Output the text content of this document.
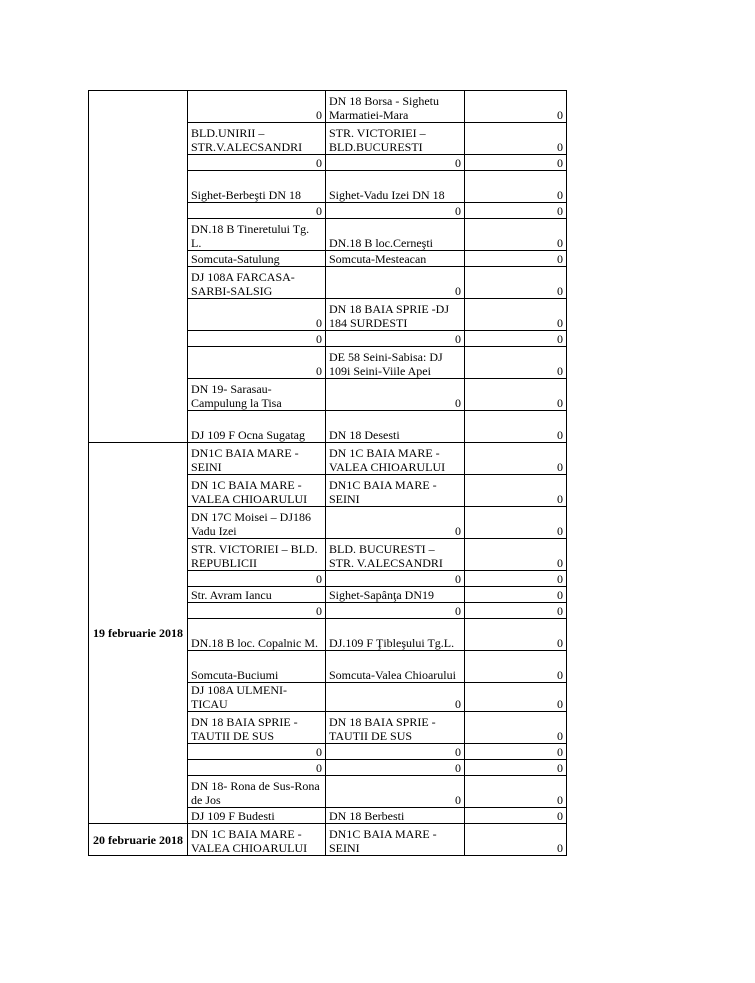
	0	DN 18 Borsa - Sighetu Marmatiei-Mara	0
	BLD.UNIRII – STR.V.ALECSANDRI	STR. VICTORIEI – BLD.BUCURESTI	0
	0	0	0
	Sighet-Berbeşti DN 18	Sighet-Vadu Izei DN 18	0
	0	0	0
	DN.18 B Tineretului Tg. L.	DN.18 B loc.Cerneşti	0
	Somcuta-Satulung	Somcuta-Mesteacan	0
	DJ 108A FARCASA-SARBI-SALSIG	0	0
	0	DN 18 BAIA SPRIE -DJ 184 SURDESTI	0
	0	0	0
	0	DE 58 Seini-Sabisa: DJ 109i Seini-Viile Apei	0
	DN 19- Sarasau-Campulung la Tisa	0	0
	DJ 109 F Ocna Sugatag	DN 18 Desesti	0
19 februarie 2018	DN1C BAIA MARE - SEINI	DN 1C BAIA MARE - VALEA CHIOARULUI	0
	DN 1C BAIA MARE - VALEA CHIOARULUI	DN1C BAIA MARE - SEINI	0
	DN 17C Moisei – DJ186 Vadu Izei	0	0
	STR. VICTORIEI – BLD. REPUBLICII	BLD. BUCURESTI – STR. V.ALECSANDRI	0
	0	0	0
	Str. Avram Iancu	Sighet-Sapânţa DN19	0
	0	0	0
	DN.18 B loc. Copalnic M.	DJ.109 F Ţibleşului Tg.L.	0
	Somcuta-Buciumi	Somcuta-Valea Chioarului	0
	DJ 108A ULMENI-TICAU	0	0
	DN 18 BAIA SPRIE - TAUTII DE SUS	DN 18 BAIA SPRIE - TAUTII DE SUS	0
	0	0	0
	0	0	0
	DN 18- Rona de Sus-Rona de Jos	0	0
	DJ 109 F Budesti	DN 18 Berbesti	0
20 februarie 2018	DN 1C BAIA MARE - VALEA CHIOARULUI	DN1C BAIA MARE - SEINI	0
